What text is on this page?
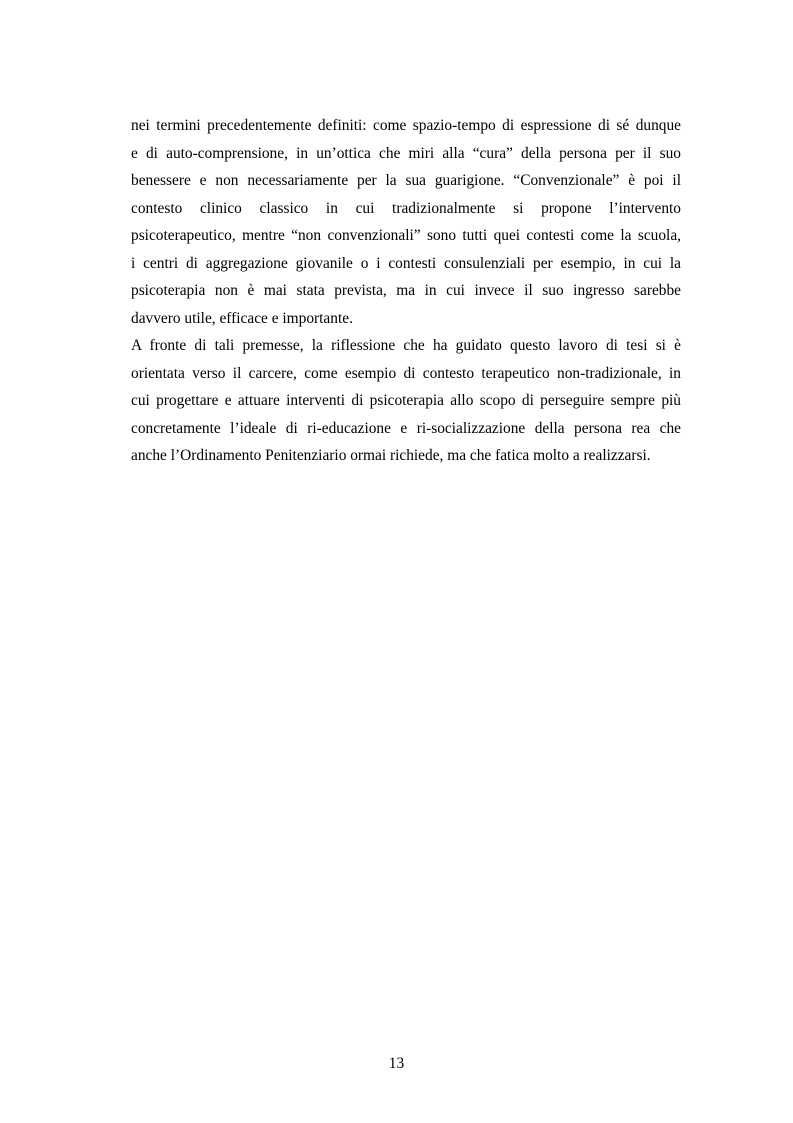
nei termini precedentemente definiti: come spazio-tempo di espressione di sé dunque
e di auto-comprensione, in un’ottica che miri alla “cura” della persona per il suo
benessere e non necessariamente per la sua guarigione. “Convenzionale” è poi il
contesto clinico classico in cui tradizionalmente si propone l’intervento
psicoterapeutico, mentre “non convenzionali” sono tutti quei contesti come la scuola,
i centri di aggregazione giovanile o i contesti consulenziali per esempio, in cui la
psicoterapia non è mai stata prevista, ma in cui invece il suo ingresso sarebbe
davvero utile, efficace e importante.
A fronte di tali premesse, la riflessione che ha guidato questo lavoro di tesi si è
orientata verso il carcere, come esempio di contesto terapeutico non-tradizionale, in
cui progettare e attuare interventi di psicoterapia allo scopo di perseguire sempre più
concretamente l’ideale di ri-educazione e ri-socializzazione della persona rea che
anche l’Ordinamento Penitenziario ormai richiede, ma che fatica molto a realizzarsi.
13
